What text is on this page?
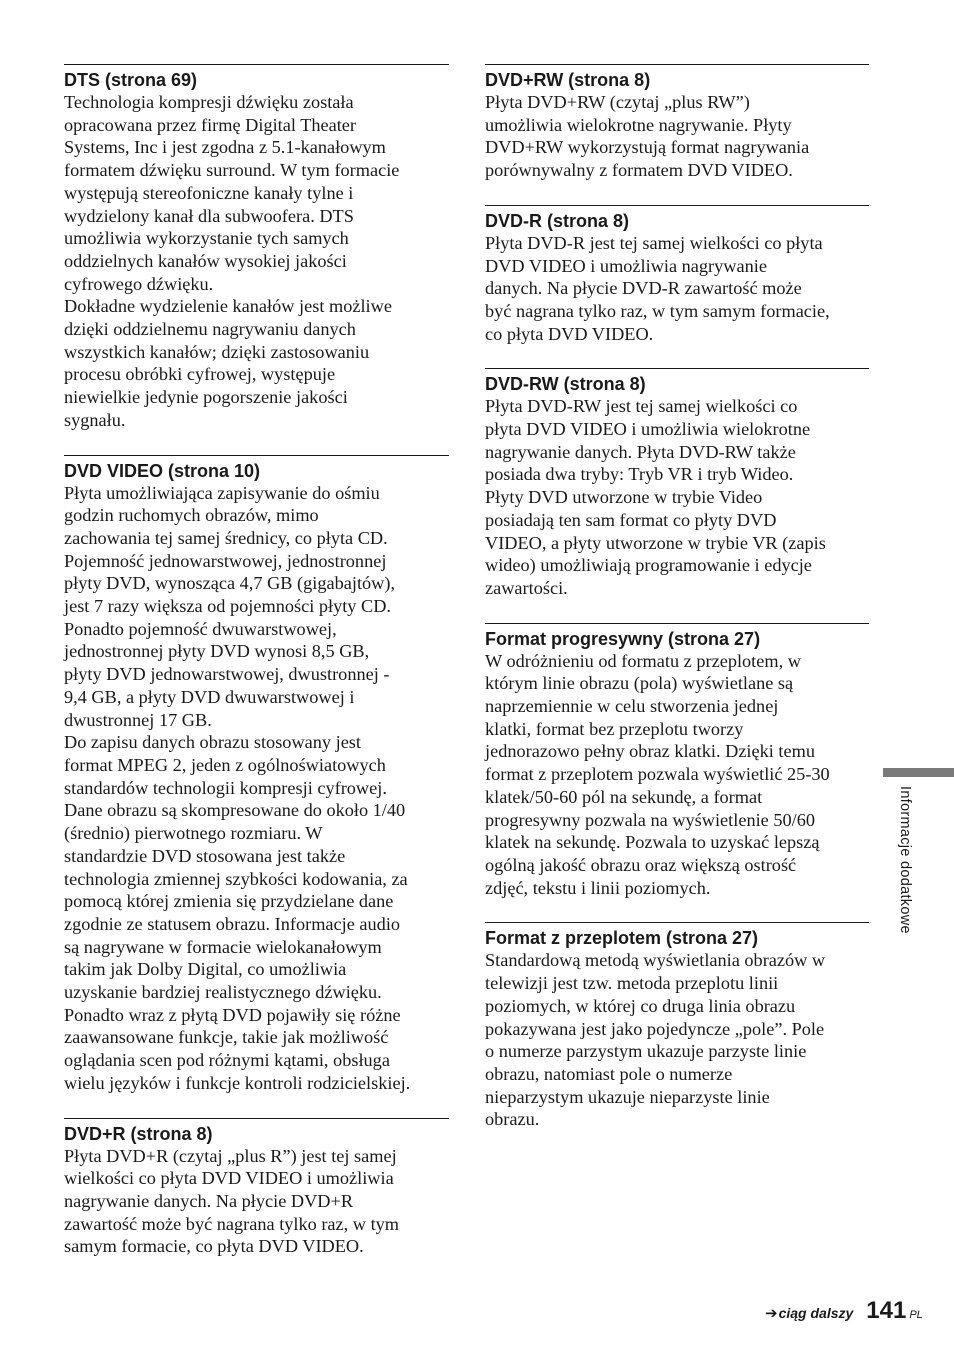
DTS (strona 69)

Technologia kompresji dźwięku została
opracowana przez firmę Digital Theater
Systems, Inc i jest zgodna z 5.1-kanałowym
formatem dźwięku surround. W tym formacie
występują stereofoniczne kanały tylne i
wydzielony kanał dla subwoofera. DTS
umożliwia wykorzystanie tych samych
oddzielnych kanałów wysokiej jakości
cyfrowego dźwięku.
Dokładne wydzielenie kanałów jest możliwe
dzięki oddzielnemu nagrywaniu danych
wszystkich kanałów; dzięki zastosowaniu
procesu obróbki cyfrowej, występuje
niewielkie jedynie pogorszenie jakości
sygnału.

DVD VIDEO (strona 10)

Płyta umożliwiająca zapisywanie do ośmiu
godzin ruchomych obrazów, mimo
zachowania tej samej średnicy, co płyta CD.
Pojemność jednowarstwowej, jednostronnej
płyty DVD, wynosząca 4,7 GB (gigabajtów),
jest 7 razy większa od pojemności płyty CD.
Ponadto pojemność dwuwarstwowej,
jednostronnej płyty DVD wynosi 8,5 GB,
płyty DVD jednowarstwowej, dwustronnej -
9,4 GB, a płyty DVD dwuwarstwowej i
dwustronnej 17 GB.
Do zapisu danych obrazu stosowany jest
format MPEG 2, jeden z ogólnoświatowych
standardów technologii kompresji cyfrowej.
Dane obrazu są skompresowane do około 1/40
(średnio) pierwotnego rozmiaru. W
standardzie DVD stosowana jest także
technologia zmiennej szybkości kodowania, za
pomocą której zmienia się przydzielane dane
zgodnie ze statusem obrazu. Informacje audio
są nagrywane w formacie wielokanałowym
takim jak Dolby Digital, co umożliwia
uzyskanie bardziej realistycznego dźwięku.
Ponadto wraz z płytą DVD pojawiły się różne
zaawansowane funkcje, takie jak możliwość
oglądania scen pod różnymi kątami, obsługa
wielu języków i funkcje kontroli rodzicielskiej.

DVD+R (strona 8)

Płyta DVD+R (czytaj „plus R”) jest tej samej
wielkości co płyta DVD VIDEO i umożliwia
nagrywanie danych. Na płycie DVD+R
zawartość może być nagrana tylko raz, w tym
samym formacie, co płyta DVD VIDEO.

DVD+RW (strona 8)

Płyta DVD+RW (czytaj „plus RW”)
umożliwia wielokrotne nagrywanie. Płyty
DVD+RW wykorzystują format nagrywania
porównywalny z formatem DVD VIDEO.

DVD-R (strona 8)

Płyta DVD-R jest tej samej wielkości co płyta
DVD VIDEO i umożliwia nagrywanie
danych. Na płycie DVD-R zawartość może
być nagrana tylko raz, w tym samym formacie,
co płyta DVD VIDEO.

DVD-RW (strona 8)

Płyta DVD-RW jest tej samej wielkości co
płyta DVD VIDEO i umożliwia wielokrotne
nagrywanie danych. Płyta DVD-RW także
posiada dwa tryby: Tryb VR i tryb Wideo.
Płyty DVD utworzone w trybie Video
posiadają ten sam format co płyty DVD
VIDEO, a płyty utworzone w trybie VR (zapis
wideo) umożliwiają programowanie i edycje
zawartości.

Format progresywny (strona 27)

W odróżnieniu od formatu z przeplotem, w
którym linie obrazu (pola) wyświetlane są
naprzemiennie w celu stworzenia jednej
klatki, format bez przeplotu tworzy
jednorazowo pełny obraz klatki. Dzięki temu
format z przeplotem pozwala wyświetlić 25-30
klatek/50-60 pól na sekundę, a format
progresywny pozwala na wyświetlenie 50/60
klatek na sekundę. Pozwala to uzyskać lepszą
ogólną jakość obrazu oraz większą ostrość
zdjęć, tekstu i linii poziomych.

Format z przeplotem (strona 27)

Standardową metodą wyświetlania obrazów w
telewizji jest tzw. metoda przeplotu linii
poziomych, w której co druga linia obrazu
pokazywana jest jako pojedyncze „pole”. Pole
o numerze parzystym ukazuje parzyste linie
obrazu, natomiast pole o numerze
nieparzystym ukazuje nieparzyste linie
obrazu.

Informacje dodatkowe
➔ ciąg dalszy 141 PL
